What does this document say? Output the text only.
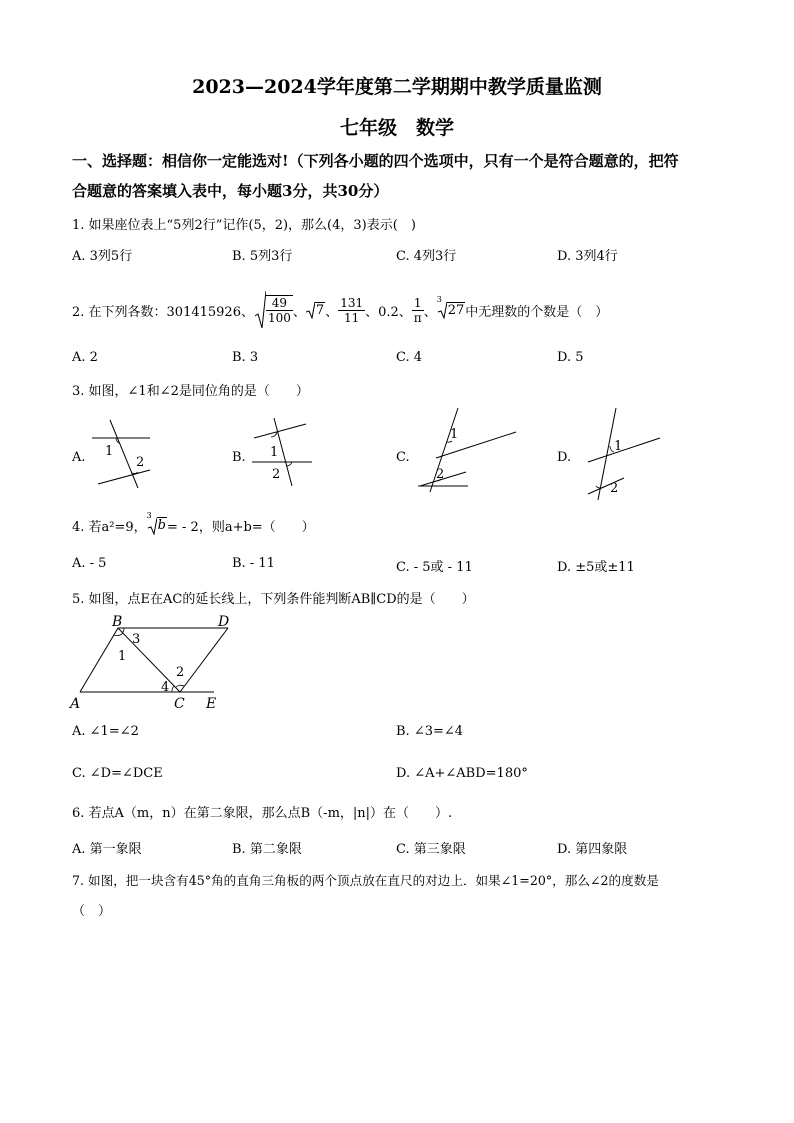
2023—2024学年度第二学期期中教学质量监测
七年级　数学
一、选择题：相信你一定能选对!（下列各小题的四个选项中，只有一个是符合题意的，把符
合题意的答案填入表中，每小题3分，共30分）
1. 如果座位表上“5列2行”记作(5，2)，那么(4，3)表示(　)
A. 3列5行	B. 5列3行	C. 4列3行	D. 3列4行
2. 在下列各数：301415926、 $\frac{49}{100}$ 、 7 、 $\frac{131}{11}$ 、0.2、 $\frac{1}{\pi}$ 、
3
27 中无理数的个数是（　）
A. 2	B. 3	C. 4	D. 5
3. 如图，∠1和∠2是同位角的是（　　）
A.	B.	C.	D.
1
2
1
2
1
2
1
2
4. 若a²=9，
3
b = - 2，则a+b=（　　）
A. - 5	B. - 11	C. - 5或 - 11	D. ±5或±11
5. 如图，点E在AC的延长线上，下列条件能判断AB∥CD的是（　　）
B	D
3
1
2
4
A	C E
A. ∠1=∠2	B. ∠3=∠4
C. ∠D=∠DCE	D. ∠A+∠ABD=180°
6. 若点A（m，n）在第二象限，那么点B（-m，|n|）在（　　）.
A. 第一象限	B. 第二象限	C. 第三象限	D. 第四象限
7. 如图，把一块含有45°角的直角三角板的两个顶点放在直尺的对边上．如果∠1=20°，那么∠2的度数是
（　）
